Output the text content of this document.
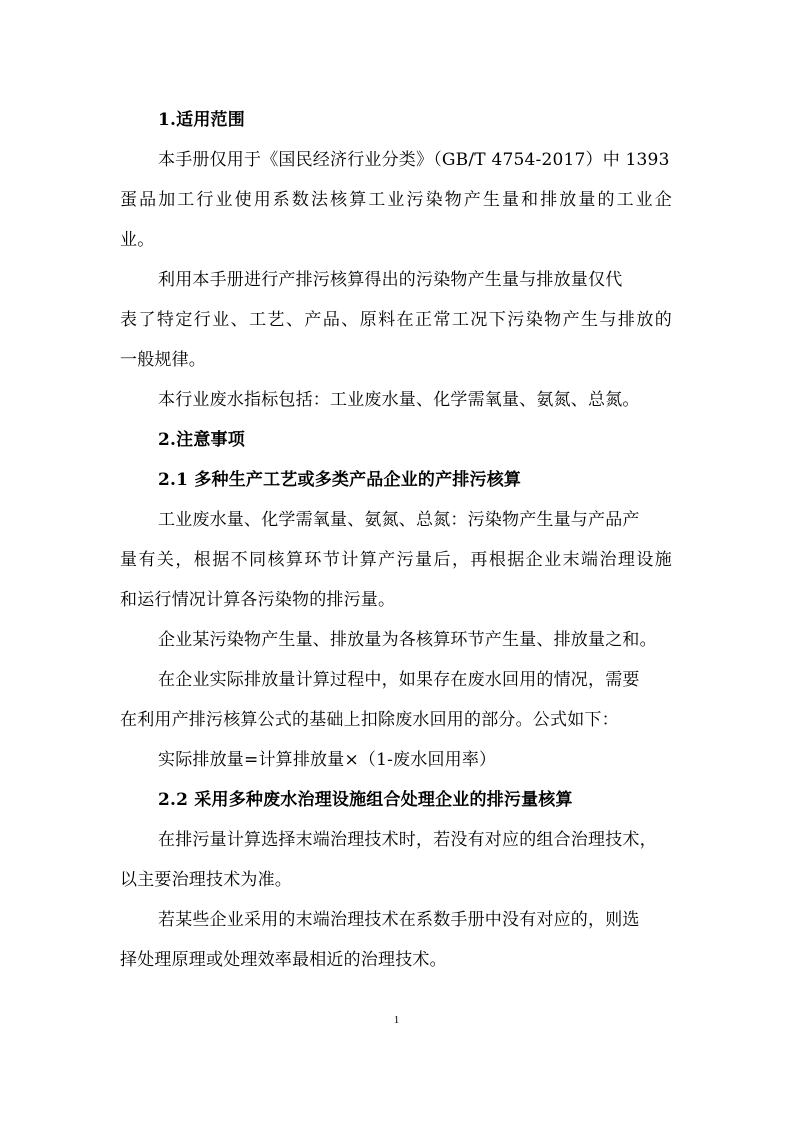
1.适用范围
本手册仅用于《国民经济行业分类》（GB/T 4754-2017）中 1393
蛋品加工行业使用系数法核算工业污染物产生量和排放量的工业企
业。
利用本手册进行产排污核算得出的污染物产生量与排放量仅代
表了特定行业、工艺、产品、原料在正常工况下污染物产生与排放的
一般规律。
本行业废水指标包括：工业废水量、化学需氧量、氨氮、总氮。
2.注意事项
2.1 多种生产工艺或多类产品企业的产排污核算
工业废水量、化学需氧量、氨氮、总氮：污染物产生量与产品产
量有关，根据不同核算环节计算产污量后，再根据企业末端治理设施
和运行情况计算各污染物的排污量。
企业某污染物产生量、排放量为各核算环节产生量、排放量之和。
在企业实际排放量计算过程中，如果存在废水回用的情况，需要
在利用产排污核算公式的基础上扣除废水回用的部分。公式如下：
实际排放量=计算排放量×（1-废水回用率）
2.2 采用多种废水治理设施组合处理企业的排污量核算
在排污量计算选择末端治理技术时，若没有对应的组合治理技术，
以主要治理技术为准。
若某些企业采用的末端治理技术在系数手册中没有对应的，则选
择处理原理或处理效率最相近的治理技术。
1
